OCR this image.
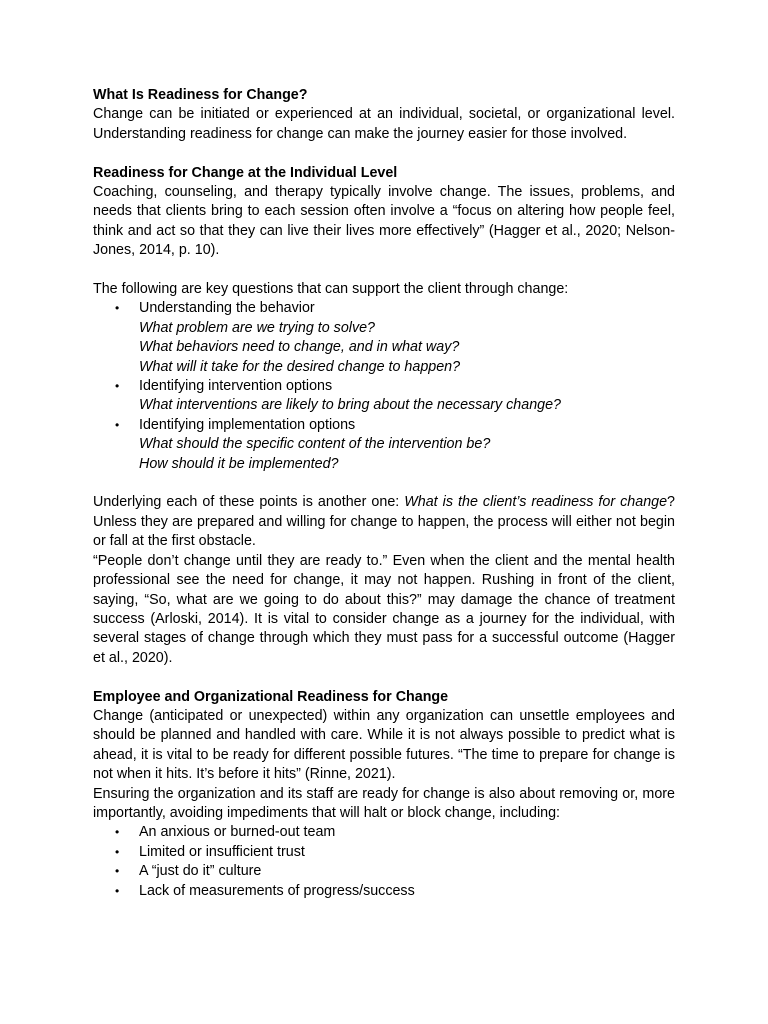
What Is Readiness for Change?

Change can be initiated or experienced at an individual, societal, or organizational level. Understanding readiness for change can make the journey easier for those involved.

Readiness for Change at the Individual Level

Coaching, counseling, and therapy typically involve change. The issues, problems, and needs that clients bring to each session often involve a “focus on altering how people feel, think and act so that they can live their lives more effectively” (Hagger et al., 2020; Nelson-Jones, 2014, p. 10).

The following are key questions that can support the client through change:

• Understanding the behavior
What problem are we trying to solve?
What behaviors need to change, and in what way?
What will it take for the desired change to happen?
• Identifying intervention options
What interventions are likely to bring about the necessary change?
• Identifying implementation options
What should the specific content of the intervention be?
How should it be implemented?

Underlying each of these points is another one: What is the client’s readiness for change? Unless they are prepared and willing for change to happen, the process will either not begin or fall at the first obstacle.

“People don’t change until they are ready to.” Even when the client and the mental health professional see the need for change, it may not happen. Rushing in front of the client, saying, “So, what are we going to do about this?” may damage the chance of treatment success (Arloski, 2014). It is vital to consider change as a journey for the individual, with several stages of change through which they must pass for a successful outcome (Hagger et al., 2020).

Employee and Organizational Readiness for Change

Change (anticipated or unexpected) within any organization can unsettle employees and should be planned and handled with care. While it is not always possible to predict what is ahead, it is vital to be ready for different possible futures. “The time to prepare for change is not when it hits. It’s before it hits” (Rinne, 2021).

Ensuring the organization and its staff are ready for change is also about removing or, more importantly, avoiding impediments that will halt or block change, including:

• An anxious or burned-out team
• Limited or insufficient trust
• A “just do it” culture
• Lack of measurements of progress/success
